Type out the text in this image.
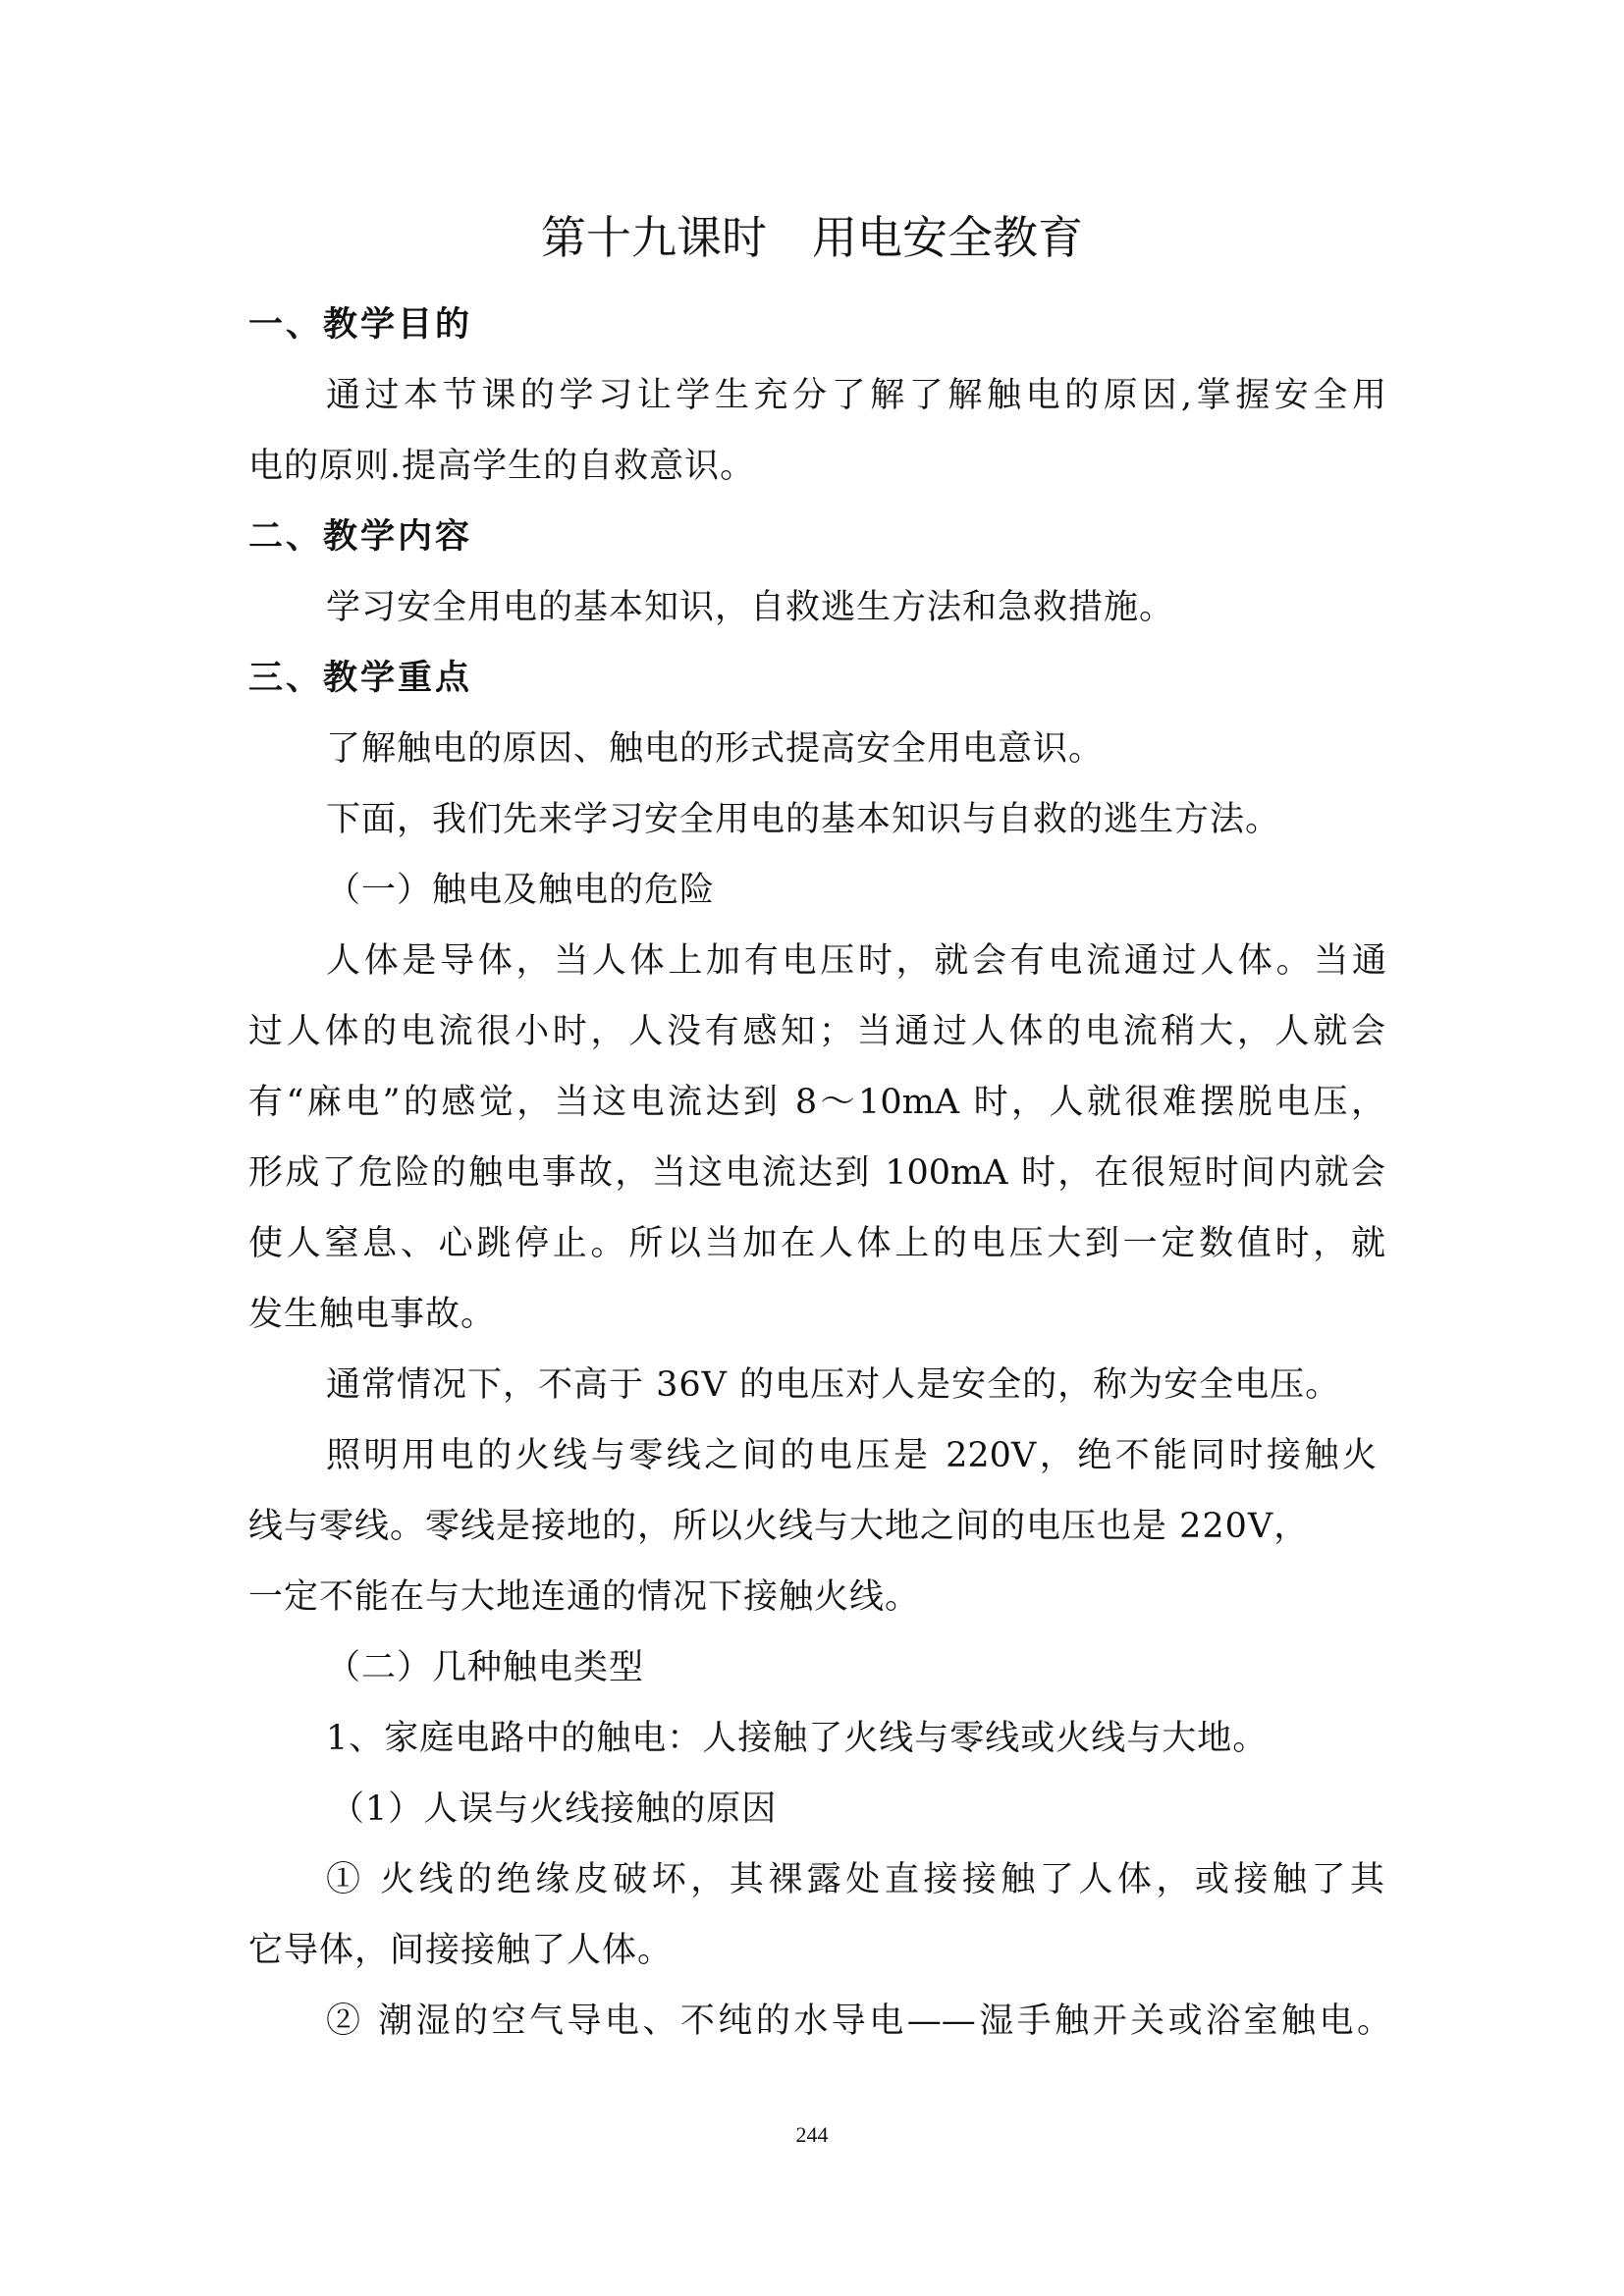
第十九课时　用电安全教育

一、教学目的

通过本节课的学习让学生充分了解了解触电的原因,掌握安全用

电的原则.提高学生的自救意识。

二、教学内容

学习安全用电的基本知识，自救逃生方法和急救措施。

三、教学重点

了解触电的原因、触电的形式提高安全用电意识。

下面，我们先来学习安全用电的基本知识与自救的逃生方法。

（一）触电及触电的危险

人体是导体，当人体上加有电压时，就会有电流通过人体。当通

过人体的电流很小时，人没有感知；当通过人体的电流稍大，人就会

有“麻电”的感觉，当这电流达到 8～10mA 时，人就很难摆脱电压，

形成了危险的触电事故，当这电流达到 100mA 时，在很短时间内就会

使人窒息、心跳停止。所以当加在人体上的电压大到一定数值时，就

发生触电事故。

通常情况下，不高于 36V 的电压对人是安全的，称为安全电压。

照明用电的火线与零线之间的电压是 220V，绝不能同时接触火

线与零线。零线是接地的，所以火线与大地之间的电压也是 220V，

一定不能在与大地连通的情况下接触火线。

（二）几种触电类型

1、家庭电路中的触电：人接触了火线与零线或火线与大地。

（1）人误与火线接触的原因

① 火线的绝缘皮破坏，其裸露处直接接触了人体，或接触了其

它导体，间接接触了人体。

② 潮湿的空气导电、不纯的水导电——湿手触开关或浴室触电。

244
